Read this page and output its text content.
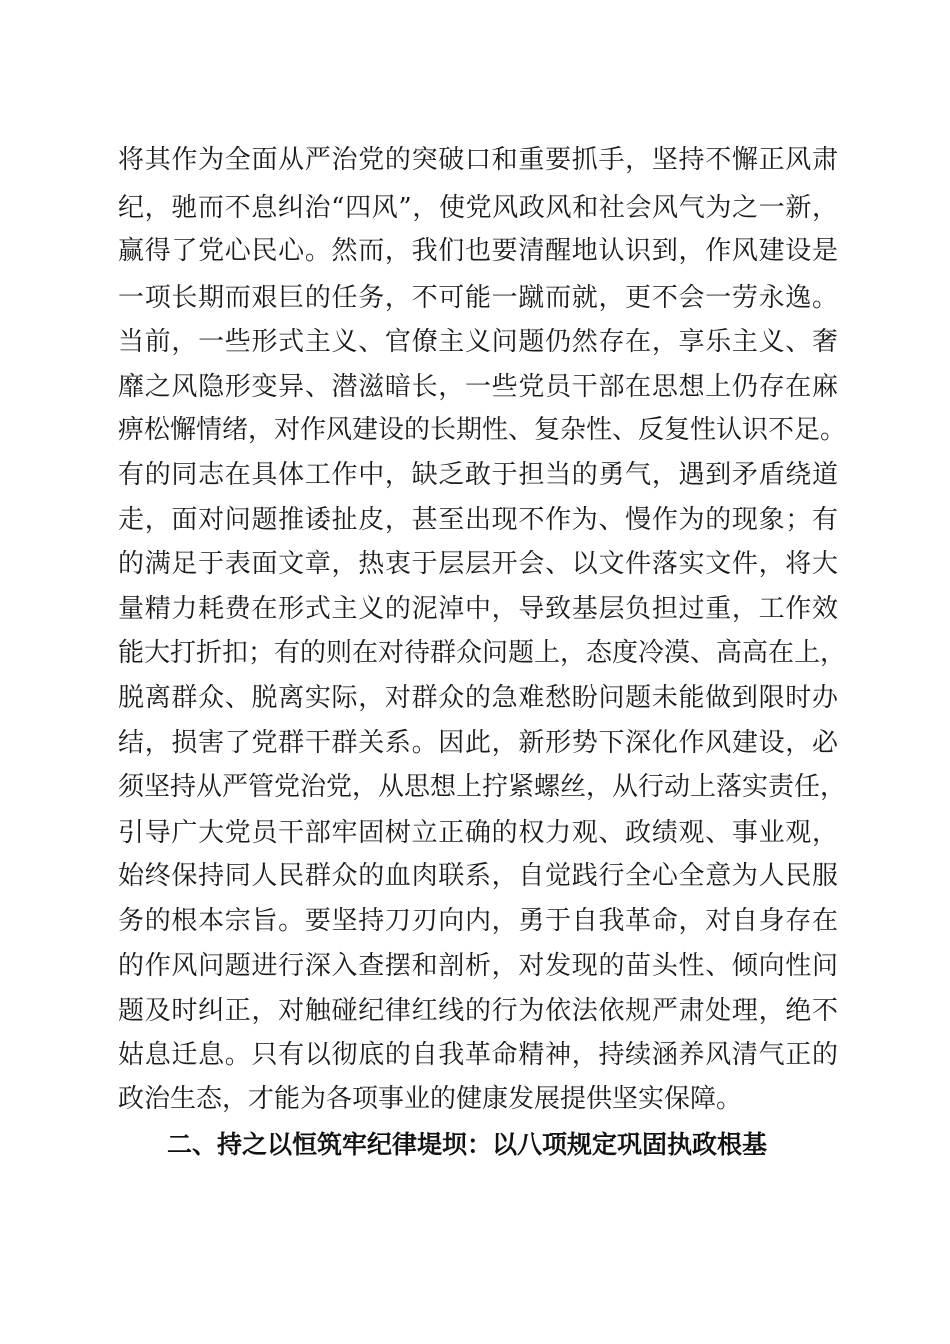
将其作为全面从严治党的突破口和重要抓手，坚持不懈正风肃
纪，驰而不息纠治“四风”，使党风政风和社会风气为之一新，
赢得了党心民心。然而，我们也要清醒地认识到，作风建设是
一项长期而艰巨的任务，不可能一蹴而就，更不会一劳永逸。
当前，一些形式主义、官僚主义问题仍然存在，享乐主义、奢
靡之风隐形变异、潜滋暗长，一些党员干部在思想上仍存在麻
痹松懈情绪，对作风建设的长期性、复杂性、反复性认识不足。
有的同志在具体工作中，缺乏敢于担当的勇气，遇到矛盾绕道
走，面对问题推诿扯皮，甚至出现不作为、慢作为的现象；有
的满足于表面文章，热衷于层层开会、以文件落实文件，将大
量精力耗费在形式主义的泥淖中，导致基层负担过重，工作效
能大打折扣；有的则在对待群众问题上，态度冷漠、高高在上，
脱离群众、脱离实际，对群众的急难愁盼问题未能做到限时办
结，损害了党群干群关系。因此，新形势下深化作风建设，必
须坚持从严管党治党，从思想上拧紧螺丝，从行动上落实责任，
引导广大党员干部牢固树立正确的权力观、政绩观、事业观，
始终保持同人民群众的血肉联系，自觉践行全心全意为人民服
务的根本宗旨。要坚持刀刃向内，勇于自我革命，对自身存在
的作风问题进行深入查摆和剖析，对发现的苗头性、倾向性问
题及时纠正，对触碰纪律红线的行为依法依规严肃处理，绝不
姑息迁息。只有以彻底的自我革命精神，持续涵养风清气正的
政治生态，才能为各项事业的健康发展提供坚实保障。
二、持之以恒筑牢纪律堤坝：以八项规定巩固执政根基
